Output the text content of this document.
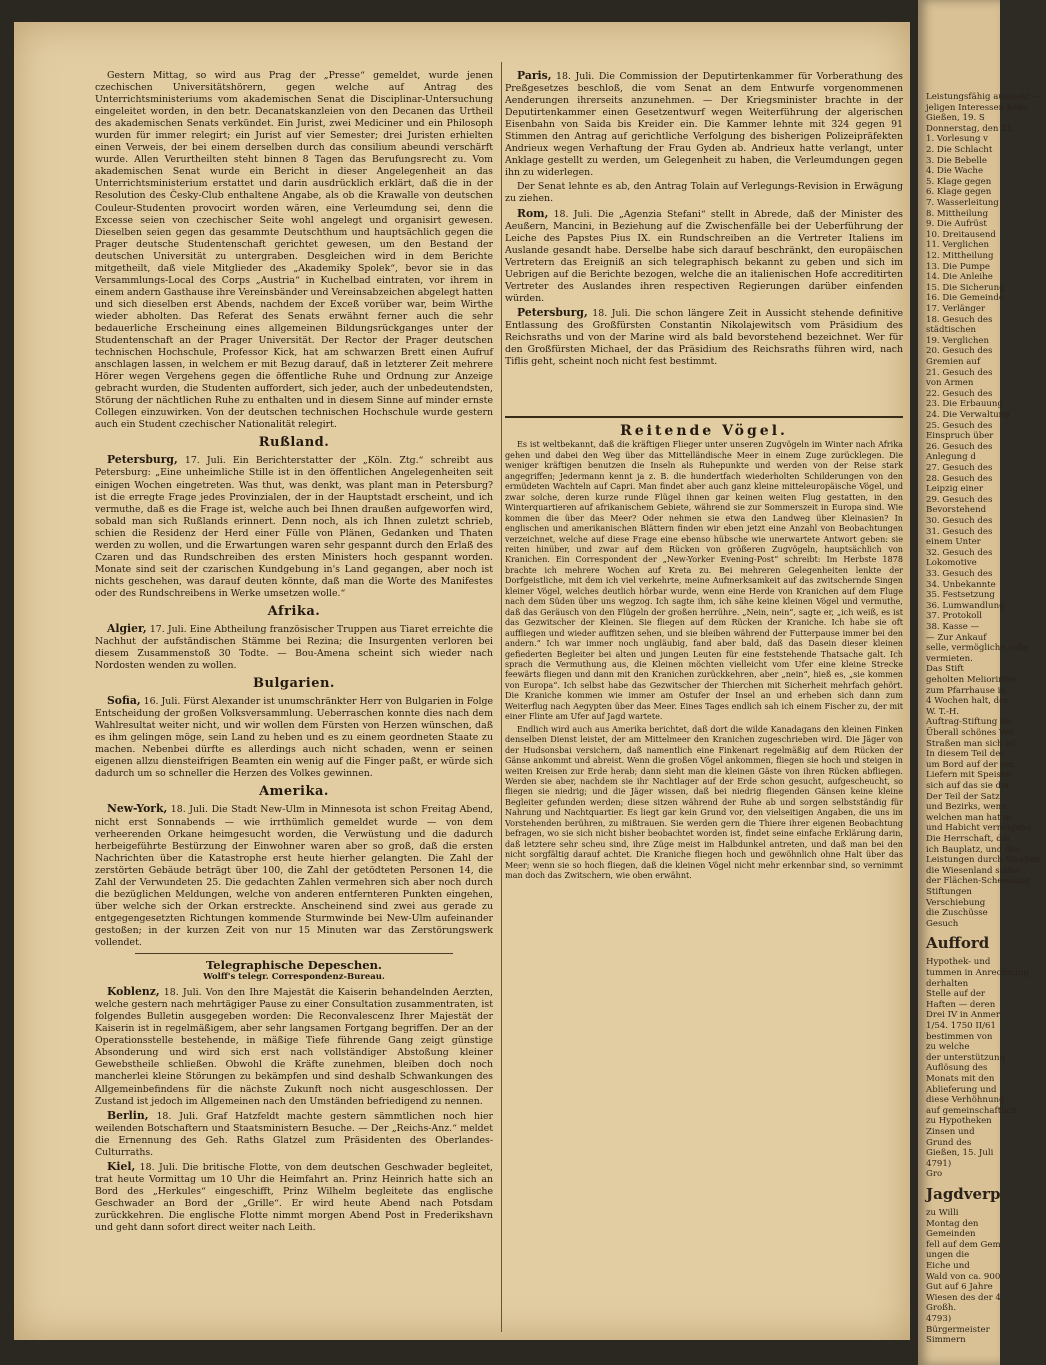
Gestern Mittag, so wird aus Prag der „Presse“ gemeldet, wurde jenen czechischen Universitätshörern, gegen welche auf Antrag des Unterrichtsministeriums vom akademischen Senat die Disciplinar-Untersuchung eingeleitet worden, in den betr. Decanatskanzleien von den Decanen das Urtheil des akademischen Senats verkündet. Ein Jurist, zwei Mediciner und ein Philosoph wurden für immer relegirt; ein Jurist auf vier Semester; drei Juristen erhielten einen Verweis, der bei einem derselben durch das consilium abeundi verschärft wurde. Allen Verurtheilten steht binnen 8 Tagen das Berufungsrecht zu. Vom akademischen Senat wurde ein Bericht in dieser Angelegenheit an das Unterrichtsministerium erstattet und darin ausdrücklich erklärt, daß die in der Resolution des Česky-Club enthaltene Angabe, als ob die Krawalle von deutschen Couleur-Studenten provocirt worden wären, eine Verleumdung sei, denn die Excesse seien von czechischer Seite wohl angelegt und organisirt gewesen. Dieselben seien gegen das gesammte Deutschthum und hauptsächlich gegen die Prager deutsche Studentenschaft gerichtet gewesen, um den Bestand der deutschen Universität zu untergraben. Desgleichen wird in dem Berichte mitgetheilt, daß viele Mitglieder des „Akademiky Spolek“, bevor sie in das Versammlungs-Local des Corps „Austria“ in Kuchelbad eintraten, vor ihrem in einem andern Gasthause ihre Vereinsbänder und Vereinsabzeichen abgelegt hatten und sich dieselben erst Abends, nachdem der Exceß vorüber war, beim Wirthe wieder abholten. Das Referat des Senats erwähnt ferner auch die sehr bedauerliche Erscheinung eines allgemeinen Bildungsrückganges unter der Studentenschaft an der Prager Universität. Der Rector der Prager deutschen technischen Hochschule, Professor Kick, hat am schwarzen Brett einen Aufruf anschlagen lassen, in welchem er mit Bezug darauf, daß in letzterer Zeit mehrere Hörer wegen Vergehens gegen die öffentliche Ruhe und Ordnung zur Anzeige gebracht wurden, die Studenten auffordert, sich jeder, auch der unbedeutendsten, Störung der nächtlichen Ruhe zu enthalten und in diesem Sinne auf minder ernste Collegen einzuwirken. Von der deutschen technischen Hochschule wurde gestern auch ein Student czechischer Nationalität relegirt.

Rußland.

Petersburg, 17. Juli. Ein Berichterstatter der „Köln. Ztg.“ schreibt aus Petersburg: „Eine unheimliche Stille ist in den öffentlichen Angelegenheiten seit einigen Wochen eingetreten. Was thut, was denkt, was plant man in Petersburg? ist die erregte Frage jedes Provinzialen, der in der Hauptstadt erscheint, und ich vermuthe, daß es die Frage ist, welche auch bei Ihnen draußen aufgeworfen wird, sobald man sich Rußlands erinnert. Denn noch, als ich Ihnen zuletzt schrieb, schien die Residenz der Herd einer Fülle von Plänen, Gedanken und Thaten werden zu wollen, und die Erwartungen waren sehr gespannt durch den Erlaß des Czaren und das Rundschreiben des ersten Ministers hoch gespannt worden. Monate sind seit der czarischen Kundgebung in's Land gegangen, aber noch ist nichts geschehen, was darauf deuten könnte, daß man die Worte des Manifestes oder des Rundschreibens in Werke umsetzen wolle.“

Afrika.

Algier, 17. Juli. Eine Abtheilung französischer Truppen aus Tiaret erreichte die Nachhut der aufständischen Stämme bei Rezina; die Insurgenten verloren bei diesem Zusammenstoß 30 Todte. — Bou-Amena scheint sich wieder nach Nordosten wenden zu wollen.

Bulgarien.

Sofia, 16. Juli. Fürst Alexander ist unumschränkter Herr von Bulgarien in Folge Entscheidung der großen Volksversammlung. Ueberraschen konnte dies nach dem Wahlresultat weiter nicht, und wir wollen dem Fürsten von Herzen wünschen, daß es ihm gelingen möge, sein Land zu heben und es zu einem geordneten Staate zu machen. Nebenbei dürfte es allerdings auch nicht schaden, wenn er seinen eigenen allzu diensteifrigen Beamten ein wenig auf die Finger paßt, er würde sich dadurch um so schneller die Herzen des Volkes gewinnen.

Amerika.

New-York, 18. Juli. Die Stadt New-Ulm in Minnesota ist schon Freitag Abend, nicht erst Sonnabends — wie irrthümlich gemeldet wurde — von dem verheerenden Orkane heimgesucht worden, die Verwüstung und die dadurch herbeigeführte Bestürzung der Einwohner waren aber so groß, daß die ersten Nachrichten über die Katastrophe erst heute hierher gelangten. Die Zahl der zerstörten Gebäude beträgt über 100, die Zahl der getödteten Personen 14, die Zahl der Verwundeten 25. Die gedachten Zahlen vermehren sich aber noch durch die bezüglichen Meldungen, welche von anderen entfernteren Punkten eingehen, über welche sich der Orkan erstreckte. Anscheinend sind zwei aus gerade zu entgegengesetzten Richtungen kommende Sturmwinde bei New-Ulm aufeinander gestoßen; in der kurzen Zeit von nur 15 Minuten war das Zerstörungswerk vollendet.

Telegraphische Depeschen.
Wolff's telegr. Correspondenz-Bureau.

Koblenz, 18. Juli. Von den Ihre Majestät die Kaiserin behandelnden Aerzten, welche gestern nach mehrtägiger Pause zu einer Consultation zusammentraten, ist folgendes Bulletin ausgegeben worden: Die Reconvalescenz Ihrer Majestät der Kaiserin ist in regelmäßigem, aber sehr langsamen Fortgang begriffen. Der an der Operationsstelle bestehende, in mäßige Tiefe führende Gang zeigt günstige Absonderung und wird sich erst nach vollständiger Abstoßung kleiner Gewebstheile schließen. Obwohl die Kräfte zunehmen, bleiben doch noch mancherlei kleine Störungen zu bekämpfen und sind deshalb Schwankungen des Allgemeinbefindens für die nächste Zukunft noch nicht ausgeschlossen. Der Zustand ist jedoch im Allgemeinen nach den Umständen befriedigend zu nennen.

Berlin, 18. Juli. Graf Hatzfeldt machte gestern sämmtlichen noch hier weilenden Botschaftern und Staatsministern Besuche. — Der „Reichs-Anz.“ meldet die Ernennung des Geh. Raths Glatzel zum Präsidenten des Oberlandes-Culturraths.

Kiel, 18. Juli. Die britische Flotte, von dem deutschen Geschwader begleitet, trat heute Vormittag um 10 Uhr die Heimfahrt an. Prinz Heinrich hatte sich an Bord des „Herkules“ eingeschifft, Prinz Wilhelm begleitete das englische Geschwader an Bord der „Grille“. Er wird heute Abend nach Potsdam zurückkehren. Die englische Flotte nimmt morgen Abend Post in Frederikshavn und geht dann sofort direct weiter nach Leith.

Paris, 18. Juli. Die Commission der Deputirtenkammer für Vorberathung des Preßgesetzes beschloß, die vom Senat an dem Entwurfe vorgenommenen Aenderungen ihrerseits anzunehmen. — Der Kriegsminister brachte in der Deputirtenkammer einen Gesetzentwurf wegen Weiterführung der algerischen Eisenbahn von Saida bis Kreider ein. Die Kammer lehnte mit 324 gegen 91 Stimmen den Antrag auf gerichtliche Verfolgung des bisherigen Polizeipräfekten Andrieux wegen Verhaftung der Frau Gyden ab. Andrieux hatte verlangt, unter Anklage gestellt zu werden, um Gelegenheit zu haben, die Verleumdungen gegen ihn zu widerlegen.

Der Senat lehnte es ab, den Antrag Tolain auf Verlegungs-Revision in Erwägung zu ziehen.

Rom, 18. Juli. Die „Agenzia Stefani“ stellt in Abrede, daß der Minister des Aeußern, Mancini, in Beziehung auf die Zwischenfälle bei der Ueberführung der Leiche des Papstes Pius IX. ein Rundschreiben an die Vertreter Italiens im Auslande gesandt habe. Derselbe habe sich darauf beschränkt, den europäischen Vertretern das Ereigniß an sich telegraphisch bekannt zu geben und sich im Uebrigen auf die Berichte bezogen, welche die an italienischen Hofe accreditirten Vertreter des Auslandes ihren respectiven Regierungen darüber einfenden würden.

Petersburg, 18. Juli. Die schon längere Zeit in Aussicht stehende definitive Entlassung des Großfürsten Constantin Nikolajewitsch vom Präsidium des Reichsraths und von der Marine wird als bald bevorstehend bezeichnet. Wer für den Großfürsten Michael, der das Präsidium des Reichsraths führen wird, nach Tiflis geht, scheint noch nicht fest bestimmt.

Reitende Vögel.

Es ist weltbekannt, daß die kräftigen Flieger unter unseren Zugvögeln im Winter nach Afrika gehen und dabei den Weg über das Mittelländische Meer in einem Zuge zurücklegen. Die weniger kräftigen benutzen die Inseln als Ruhepunkte und werden von der Reise stark angegriffen; Jedermann kennt ja z. B. die hundertfach wiederholten Schilderungen von den ermüdeten Wachteln auf Capri. Man findet aber auch ganz kleine mitteleuropäische Vögel, und zwar solche, deren kurze runde Flügel ihnen gar keinen weiten Flug gestatten, in den Winterquartieren auf afrikanischem Gebiete, während sie zur Sommerszeit in Europa sind. Wie kommen die über das Meer? Oder nehmen sie etwa den Landweg über Kleinasien? In englischen und amerikanischen Blättern finden wir eben jetzt eine Anzahl von Beobachtungen verzeichnet, welche auf diese Frage eine ebenso hübsche wie unerwartete Antwort geben: sie reiten hinüber, und zwar auf dem Rücken von größeren Zugvögeln, hauptsächlich von Kranichen. Ein Correspondent der „New-Yorker Evening-Post“ schreibt: Im Herbste 1878 brachte ich mehrere Wochen auf Kreta zu. Bei mehreren Gelegenheiten lenkte der Dorfgeistliche, mit dem ich viel verkehrte, meine Aufmerksamkeit auf das zwitschernde Singen kleiner Vögel, welches deutlich hörbar wurde, wenn eine Herde von Kranichen auf dem Fluge nach dem Süden über uns wegzog. Ich sagte ihm, ich sähe keine kleinen Vögel und vermuthe, daß das Geräusch von den Flügeln der großen herrühre. „Nein, nein“, sagte er, „ich weiß, es ist das Gezwitscher der Kleinen. Sie fliegen auf dem Rücken der Kraniche. Ich habe sie oft auffliegen und wieder auffitzen sehen, und sie bleiben während der Futterpause immer bei den andern.“ Ich war immer noch ungläubig, fand aber bald, daß das Dasein dieser kleinen gefiederten Begleiter bei alten und jungen Leuten für eine feststehende Thatsache galt. Ich sprach die Vermuthung aus, die Kleinen möchten vielleicht vom Ufer eine kleine Strecke feewärts fliegen und dann mit den Kranichen zurückkehren, aber „nein“, hieß es, „sie kommen von Europa“. Ich selbst habe das Gezwitscher der Thierchen mit Sicherheit mehrfach gehört. Die Kraniche kommen wie immer am Ostufer der Insel an und erheben sich dann zum Weiterflug nach Aegypten über das Meer. Eines Tages endlich sah ich einem Fischer zu, der mit einer Flinte am Ufer auf Jagd wartete.

Endlich wird auch aus Amerika berichtet, daß dort die wilde Kanadagans den kleinen Finken denselben Dienst leistet, der am Mittelmeer den Kranichen zugeschrieben wird. Die Jäger von der Hudsonsbai versichern, daß namentlich eine Finkenart regelmäßig auf dem Rücken der Gänse ankommt und abreist. Wenn die großen Vögel ankommen, fliegen sie hoch und steigen in weiten Kreisen zur Erde herab; dann sieht man die kleinen Gäste von ihren Rücken abfliegen. Werden sie aber, nachdem sie ihr Nachtlager auf der Erde schon gesucht, aufgescheucht, so fliegen sie niedrig; und die Jäger wissen, daß bei niedrig fliegenden Gänsen keine kleine Begleiter gefunden werden; diese sitzen während der Ruhe ab und sorgen selbstständig für Nahrung und Nachtquartier. Es liegt gar kein Grund vor, den vielseitigen Angaben, die uns im Vorstehenden berühren, zu mißtrauen. Sie werden gern die Thiere ihrer eigenen Beobachtung befragen, wo sie sich nicht bisher beobachtet worden ist, findet seine einfache Erklärung darin, daß letztere sehr scheu sind, ihre Züge meist im Halbdunkel antreten, und daß man bei den nicht sorgfältig darauf achtet. Die Kraniche fliegen hoch und gewöhnlich ohne Halt über das Meer; wenn sie so hoch fliegen, daß die kleinen Vögel nicht mehr erkennbar sind, so vernimmt man doch das Zwitschern, wie oben erwähnt.

Leistungsfähig aussteht —
jeligen Interessen habe
Gießen, 19. S
Donnerstag, den 21.
1. Vorlesung v
2. Die Schlacht
3. Die Bebelle
4. Die Wache
5. Klage gegen
6. Klage gegen
7. Wasserleitung
8. Mittheilung
9. Die Aufrüst
10. Dreitausend
11. Verglichen
12. Mittheilung
13. Die Pumpe
14. Die Anleihe
15. Die Sicherung
16. Die Gemeinde
17. Verlänger
18. Gesuch des
städtischen
19. Verglichen
20. Gesuch des
Gremien auf
21. Gesuch des
von Armen
22. Gesuch des
23. Die Erbauung
24. Die Verwaltung
25. Gesuch des
Einspruch über
26. Gesuch des
Anlegung d
27. Gesuch des
28. Gesuch des
Leipzig einer
29. Gesuch des
Bevorstehend
30. Gesuch des
31. Gesuch des
einem Unter
32. Gesuch des
Lokomotive
33. Gesuch des
34. Unbekannte
35. Festsetzung
36. Lumwandlung
37. Protokoll
38. Kasse —
— Zur Ankauf
selle, vermögliche solle
vermieten.
Das Stift
geholten Meliorirten
zum Pfarrhause in
4 Wochen halt, der
W. T.-H.
Auftrag-Stiftung im
Überall schönes Ver
Straßen man sich ist
In diesem Teil der
um Bord auf der ein
Liefern mit Speisen
sich auf das sie die
Der Teil der Satz
und Bezirks, wenn
welchen man hat in
und Habicht vermögend
Die Herrschaft, die
ich Bauplatz, und des
Leistungen durch Straßen
die Wiesenland sollte
der Flächen-Schenkung
Stiftungen
Verschiebung
die Zuschüsse
Gesuch
Aufford
Hypothek- und
tummen in Anrechnung
derhalten
Stelle auf der
Haften — deren
Drei IV in Anmer
1/54. 1750 II/61
bestimmen von
zu welche
der unterstützung
Auflösung des
Monats mit den
Ablieferung und
diese Verhöhnung
auf gemeinschaftlich
zu Hypotheken
Zinsen und
Grund des
Gießen, 15. Juli
4791)
Gro
Jagdverp
zu Willi
Montag den
Gemeinden
fell auf dem Gem
ungen die
Eiche und
Wald von ca. 900
Gut auf 6 Jahre
Wiesen des der 4
Großh.
4793)
Bürgermeister
Simmern
